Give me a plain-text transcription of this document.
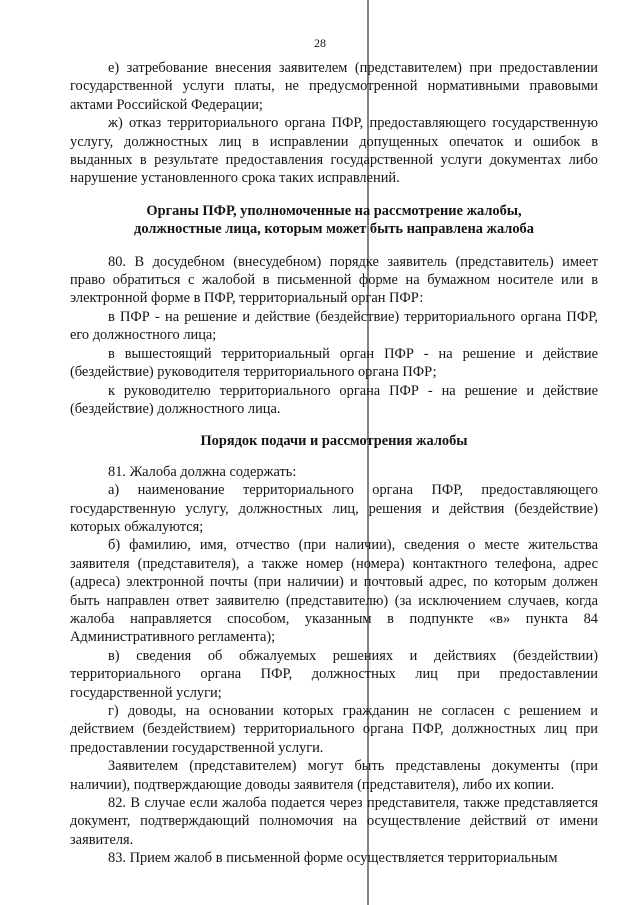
28

е) затребование внесения заявителем (представителем) при предоставлении государственной услуги платы, не предусмотренной нормативными правовыми актами Российской Федерации;

ж) отказ территориального органа ПФР, предоставляющего государственную услугу, должностных лиц в исправлении допущенных опечаток и ошибок в выданных в результате предоставления государственной услуги документах либо нарушение установленного срока таких исправлений.

Органы ПФР, уполномоченные на рассмотрение жалобы,
должностные лица, которым может быть направлена жалоба

80. В досудебном (внесудебном) порядке заявитель (представитель) имеет право обратиться с жалобой в письменной форме на бумажном носителе или в электронной форме в ПФР, территориальный орган ПФР:

в ПФР - на решение и действие (бездействие) территориального органа ПФР, его должностного лица;

в вышестоящий территориальный орган ПФР - на решение и действие (бездействие) руководителя территориального органа ПФР;

к руководителю территориального органа ПФР - на решение и действие (бездействие) должностного лица.

Порядок подачи и рассмотрения жалобы

81. Жалоба должна содержать:

а) наименование территориального органа ПФР, предоставляющего государственную услугу, должностных лиц, решения и действия (бездействие) которых обжалуются;

б) фамилию, имя, отчество (при наличии), сведения о месте жительства заявителя (представителя), а также номер (номера) контактного телефона, адрес (адреса) электронной почты (при наличии) и почтовый адрес, по которым должен быть направлен ответ заявителю (представителю) (за исключением случаев, когда жалоба направляется способом, указанным в подпункте «в» пункта 84 Административного регламента);

в) сведения об обжалуемых решениях и действиях (бездействии) территориального органа ПФР, должностных лиц при предоставлении государственной услуги;

г) доводы, на основании которых гражданин не согласен с решением и действием (бездействием) территориального органа ПФР, должностных лиц при предоставлении государственной услуги.

Заявителем (представителем) могут быть представлены документы (при наличии), подтверждающие доводы заявителя (представителя), либо их копии.

82. В случае если жалоба подается через представителя, также представляется документ, подтверждающий полномочия на осуществление действий от имени заявителя.

83. Прием жалоб в письменной форме осуществляется территориальным
